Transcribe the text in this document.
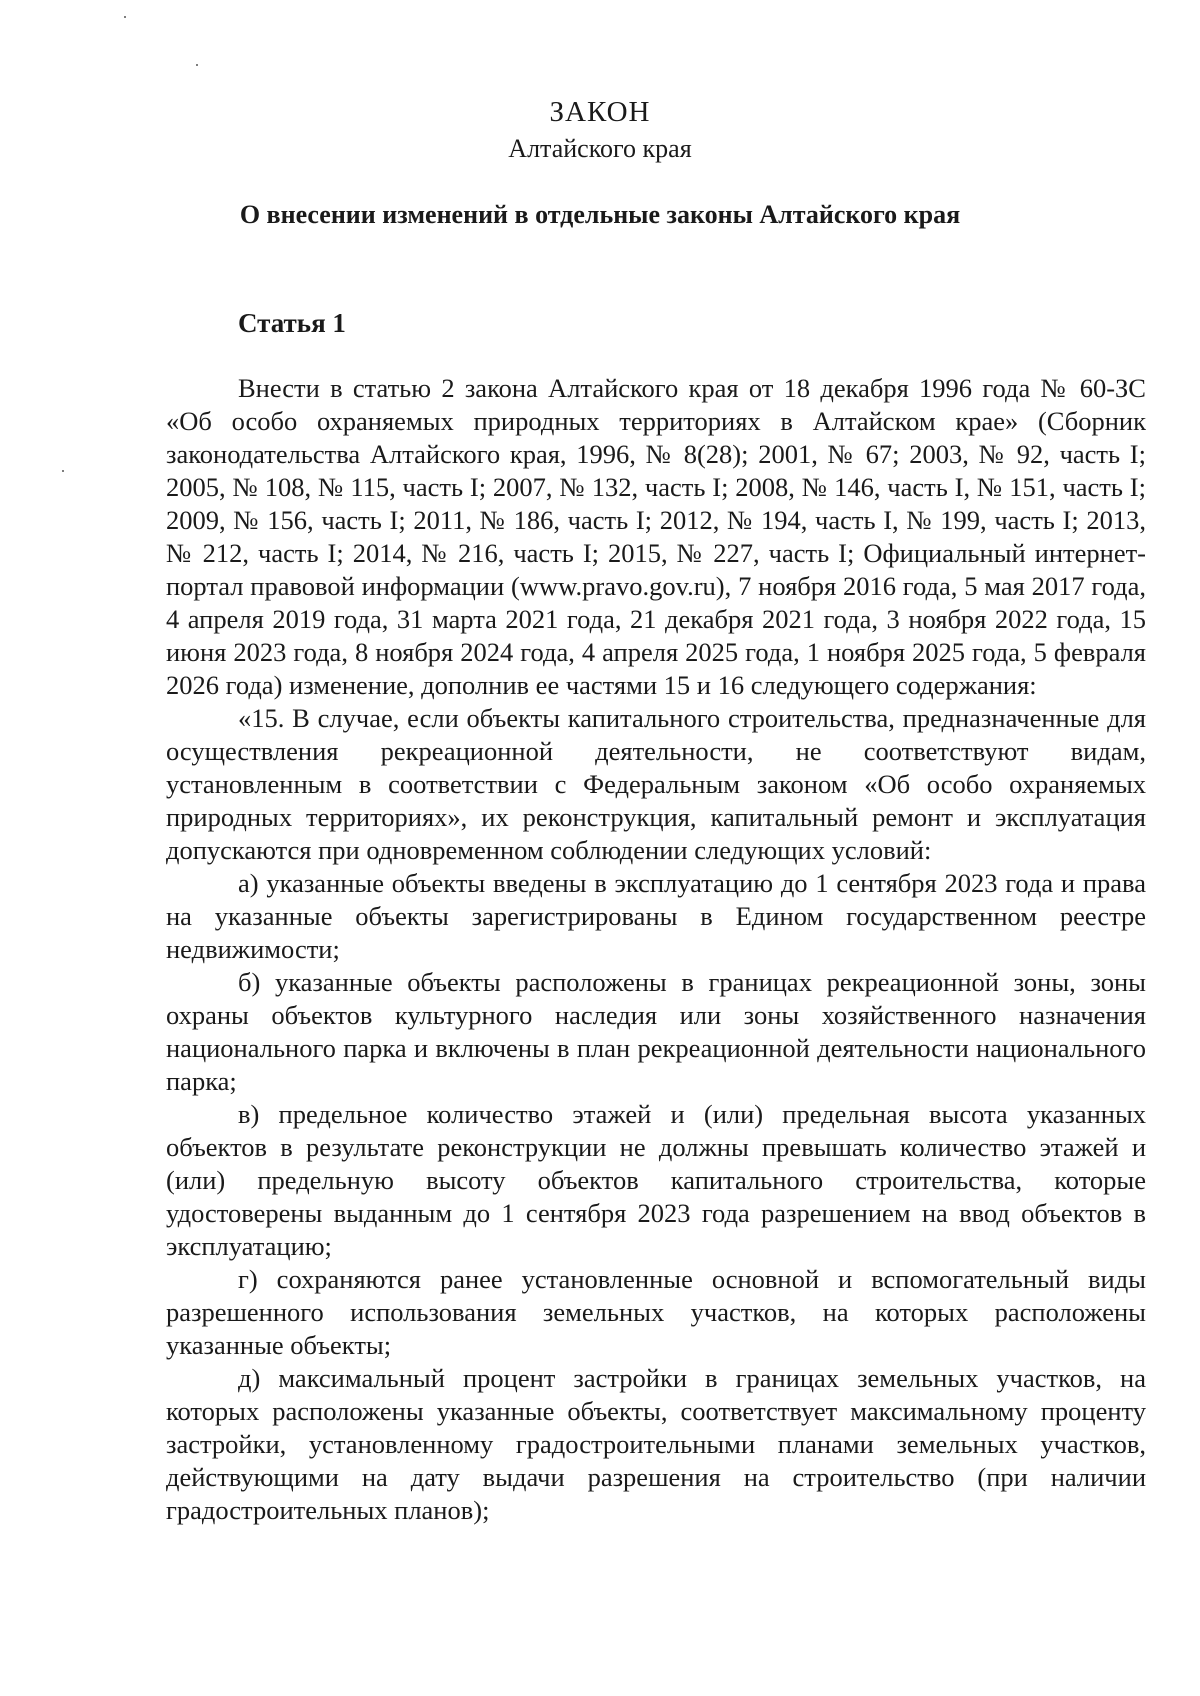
ЗАКОН
Алтайского края
О внесении изменений в отдельные законы Алтайского края
Статья 1

Внести в статью 2 закона Алтайского края от 18 декабря 1996 года № 60-ЗС «Об особо охраняемых природных территориях в Алтайском крае» (Сборник законодательства Алтайского края, 1996, № 8(28); 2001, № 67; 2003, № 92, часть I; 2005, № 108, № 115, часть I; 2007, № 132, часть I; 2008, № 146, часть I, № 151, часть I; 2009, № 156, часть I; 2011, № 186, часть I; 2012, № 194, часть I, № 199, часть I; 2013, № 212, часть I; 2014, № 216, часть I; 2015, № 227, часть I; Официальный интернет-портал правовой информации (www.pravo.gov.ru), 7 ноября 2016 года, 5 мая 2017 года, 4 апреля 2019 года, 31 марта 2021 года, 21 декабря 2021 года, 3 ноября 2022 года, 15 июня 2023 года, 8 ноября 2024 года, 4 апреля 2025 года, 1 ноября 2025 года, 5 февраля 2026 года) изменение, дополнив ее частями 15 и 16 следующего содержания:

«15. В случае, если объекты капитального строительства, предназначенные для осуществления рекреационной деятельности, не соответствуют видам, установленным в соответствии с Федеральным законом «Об особо охраняемых природных территориях», их реконструкция, капитальный ремонт и эксплуатация допускаются при одновременном соблюдении следующих условий:

а) указанные объекты введены в эксплуатацию до 1 сентября 2023 года и права на указанные объекты зарегистрированы в Едином государственном реестре недвижимости;

б) указанные объекты расположены в границах рекреационной зоны, зоны охраны объектов культурного наследия или зоны хозяйственного назначения национального парка и включены в план рекреационной деятельности национального парка;

в) предельное количество этажей и (или) предельная высота указанных объектов в результате реконструкции не должны превышать количество этажей и (или) предельную высоту объектов капитального строительства, которые удостоверены выданным до 1 сентября 2023 года разрешением на ввод объектов в эксплуатацию;

г) сохраняются ранее установленные основной и вспомогательный виды разрешенного использования земельных участков, на которых расположены указанные объекты;

д) максимальный процент застройки в границах земельных участков, на которых расположены указанные объекты, соответствует максимальному проценту застройки, установленному градостроительными планами земельных участков, действующими на дату выдачи разрешения на строительство (при наличии градостроительных планов);
